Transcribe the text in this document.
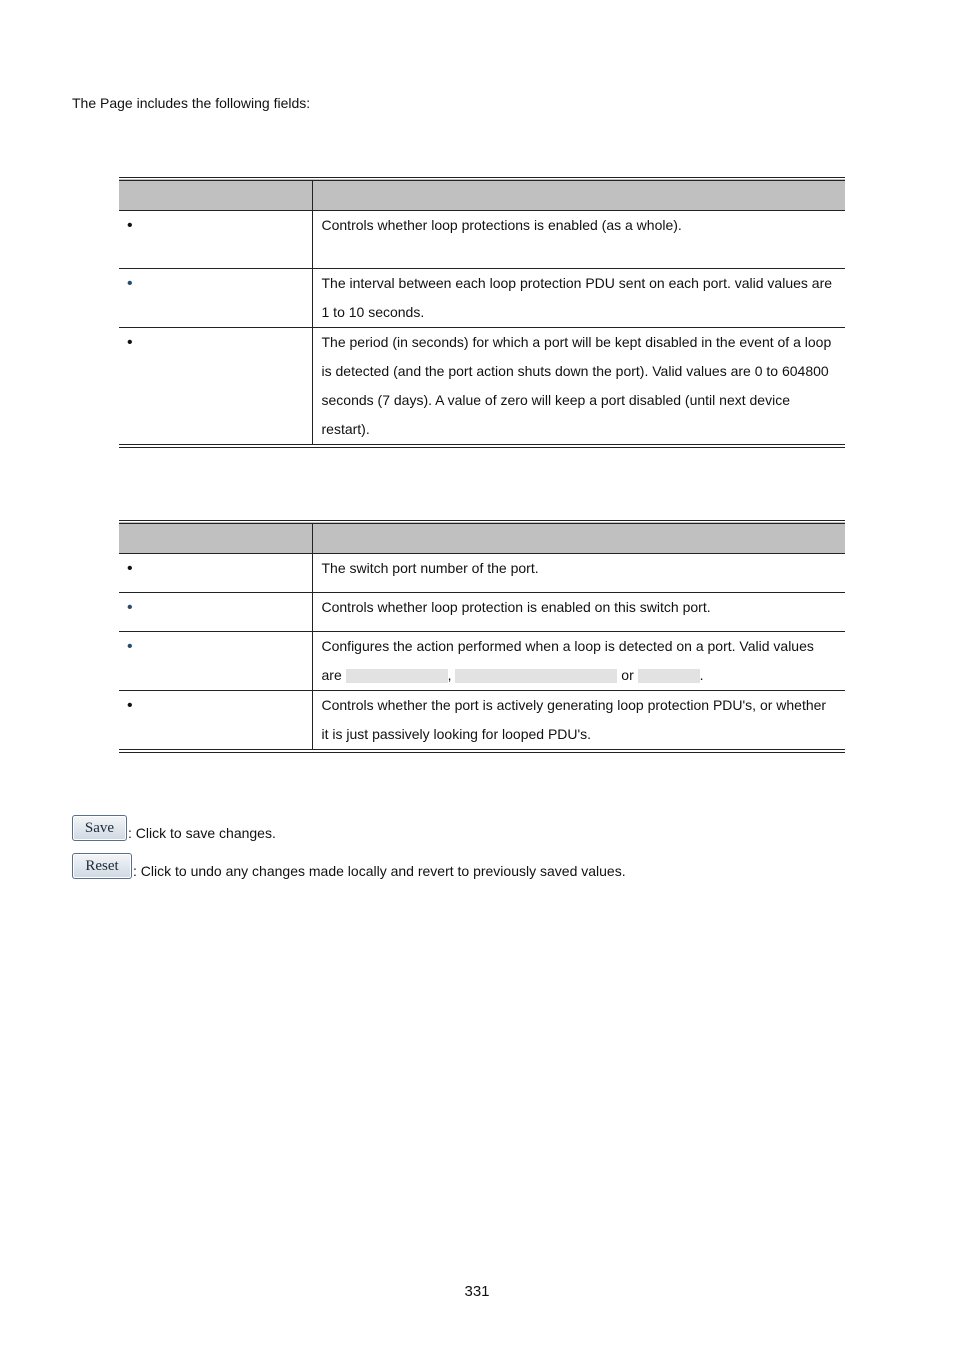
The Page includes the following fields:

•	Controls whether loop protections is enabled (as a whole).

•	The interval between each loop protection PDU sent on each port. valid values are 1 to 10 seconds.

•	The period (in seconds) for which a port will be kept disabled in the event of a loop is detected (and the port action shuts down the port). Valid values are 0 to 604800 seconds (7 days). A value of zero will keep a port disabled (until next device restart).

•	The switch port number of the port.

•	Controls whether loop protection is enabled on this switch port.

•	Configures the action performed when a loop is detected on a port. Valid values are , or .

•	Controls whether the port is actively generating loop protection PDU's, or whether it is just passively looking for looped PDU's.
Save : Click to save changes.
Reset	: Click to undo any changes made locally and revert to previously saved values.
331
